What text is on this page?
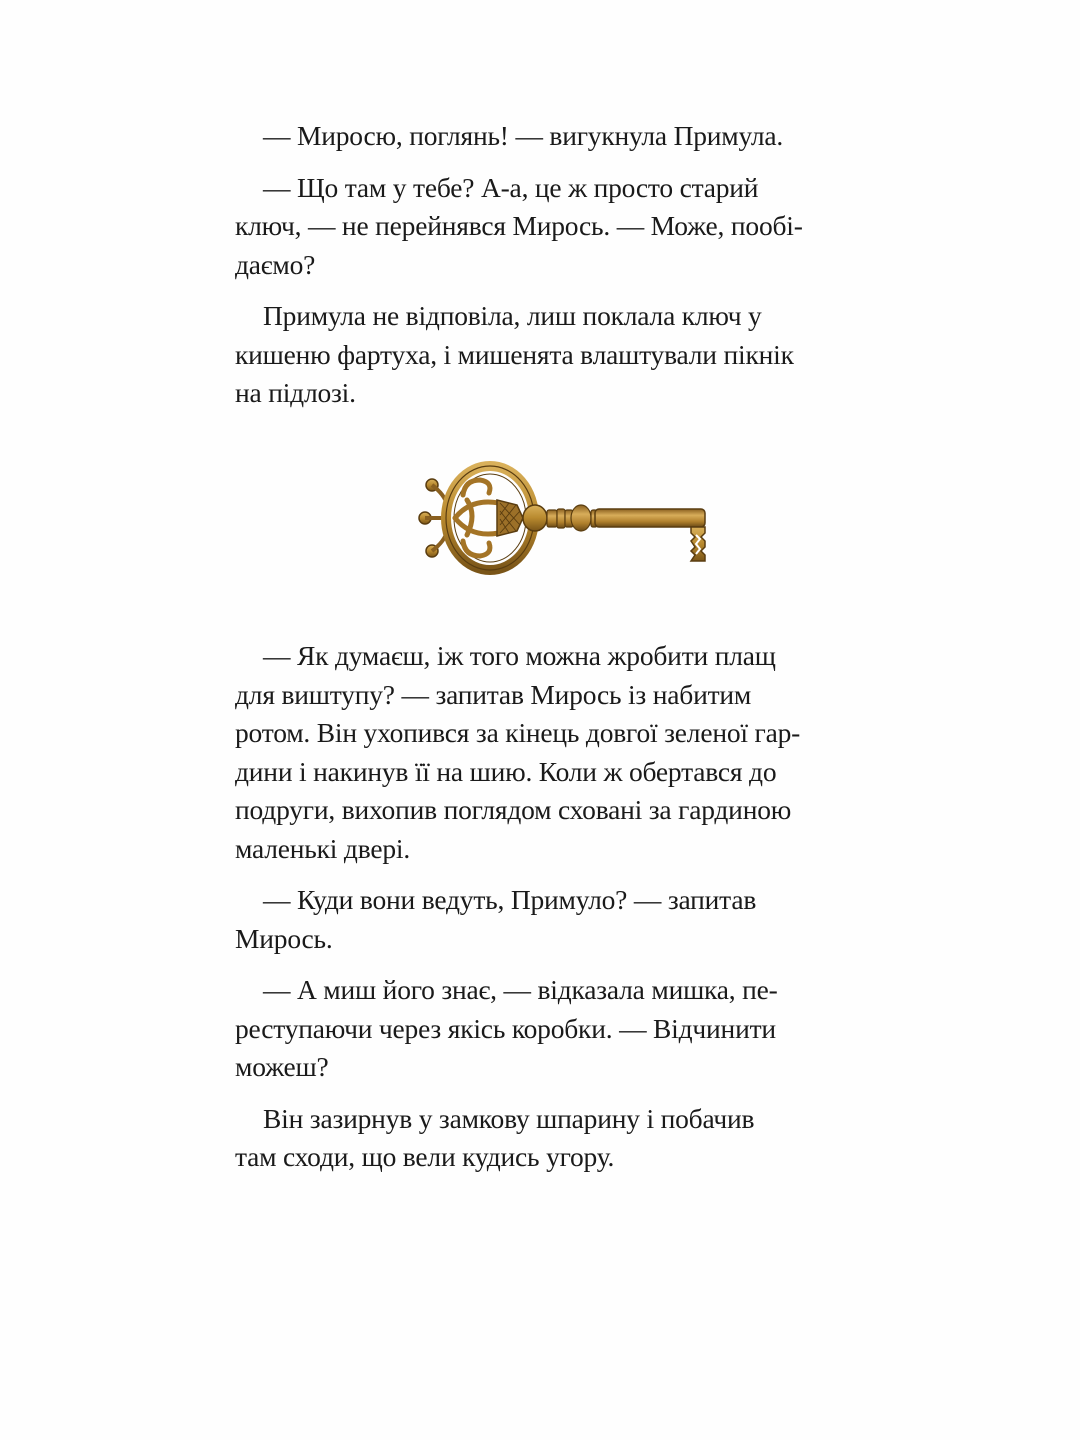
— Миросю, поглянь! — вигукнула Примула.

— Що там у тебе? А-а, це ж просто старий
ключ, — не перейнявся Мирось. — Може, пообі-
даємо?

Примула не відповіла, лиш поклала ключ у
кишеню фартуха, і мишенята влаштували пікнік
на підлозі.

— Як думаєш, іж того можна жробити плащ
для виштупу? — запитав Мирось із набитим
ротом. Він ухопився за кінець довгої зеленої гар-
дини і накинув її на шию. Коли ж обертався до
подруги, вихопив поглядом сховані за гардиною
маленькі двері.

— Куди вони ведуть, Примуло? — запитав
Мирось.

— А миш його знає, — відказала мишка, пе-
реступаючи через якісь коробки. — Відчинити
можеш?

Він зазирнув у замкову шпарину і побачив
там сходи, що вели кудись угору.
